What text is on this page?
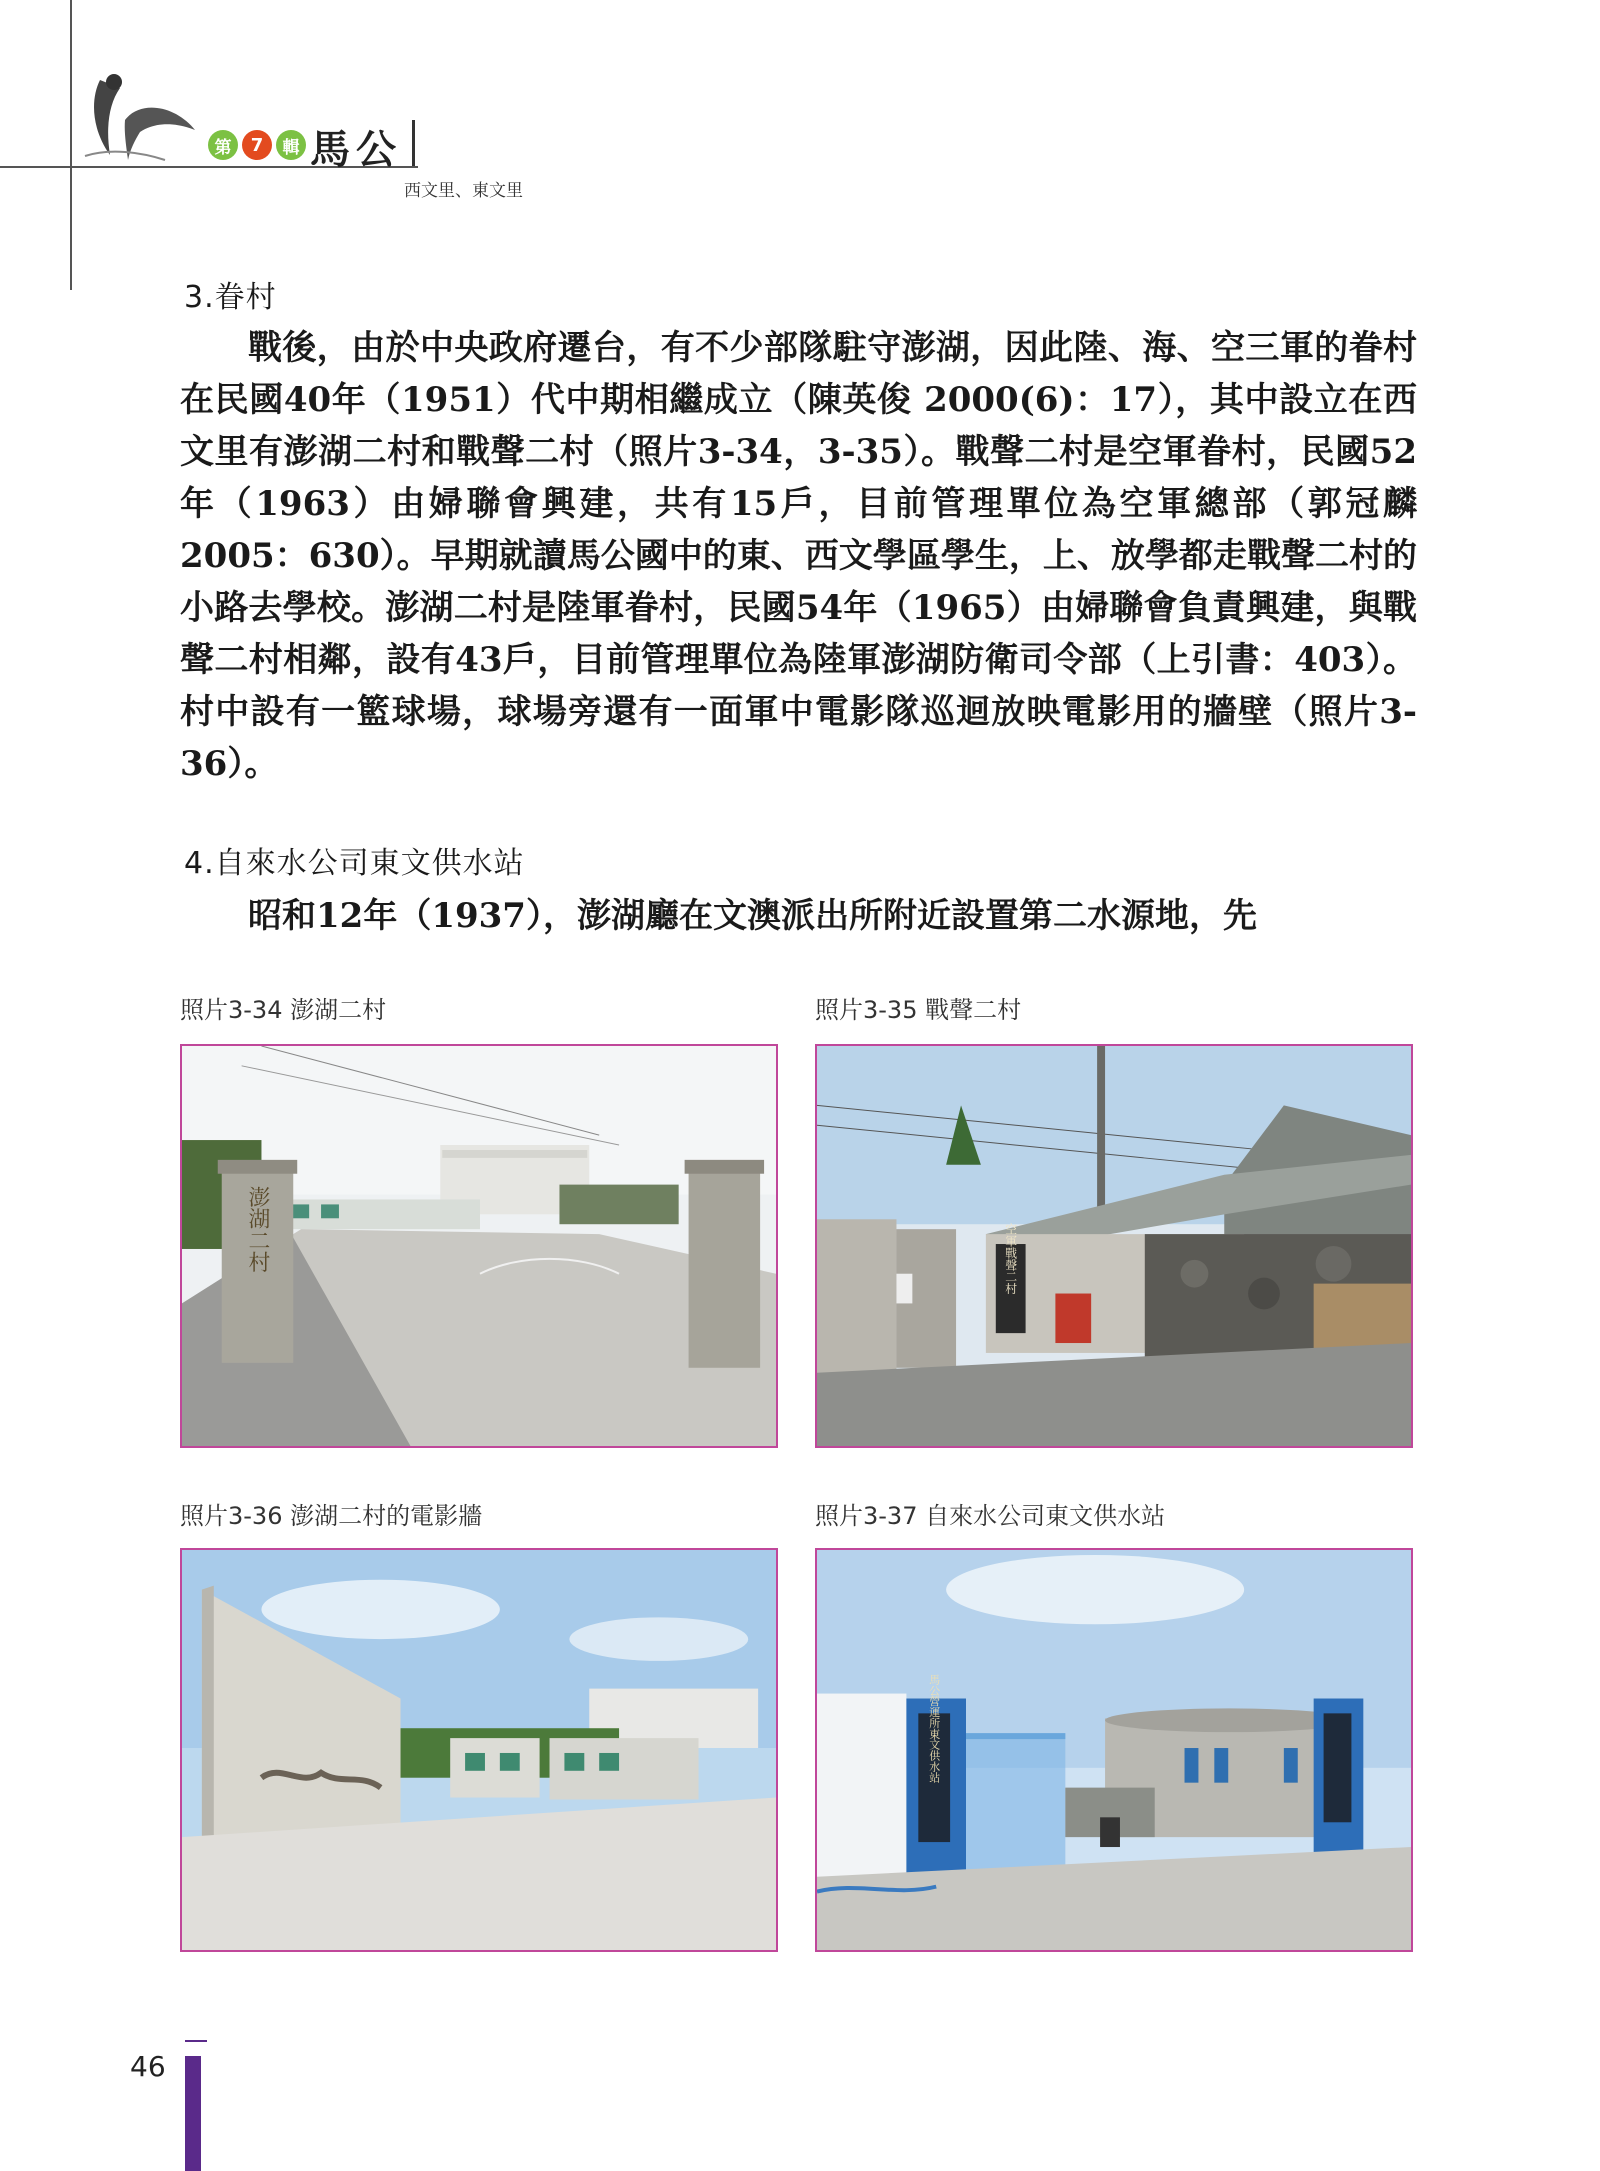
第	7	輯 馬公
西文里、東文里
3.眷村
戰後，由於中央政府遷台，有不少部隊駐守澎湖，因此陸、海、空三軍的眷村在民國40年（1951）代中期相繼成立（陳英俊 2000(6)：17），其中設立在西文里有澎湖二村和戰聲二村（照片3-34，3-35）。戰聲二村是空軍眷村，民國52年（1963）由婦聯會興建，共有15戶，目前管理單位為空軍總部（郭冠麟 2005：630）。早期就讀馬公國中的東、西文學區學生，上、放學都走戰聲二村的小路去學校。澎湖二村是陸軍眷村，民國54年（1965）由婦聯會負責興建，與戰聲二村相鄰，設有43戶，目前管理單位為陸軍澎湖防衛司令部（上引書：403）。村中設有一籃球場，球場旁還有一面軍中電影隊巡迴放映電影用的牆壁（照片3-36）。
4.自來水公司東文供水站
昭和12年（1937），澎湖廳在文澳派出所附近設置第二水源地，先
照片3-34 澎湖二村	照片3-35 戰聲二村
照片3-36 澎湖二村的電影牆	照片3-37 自來水公司東文供水站
澎湖二村	空軍戰聲二村
馬公營運所東文供水站
46
